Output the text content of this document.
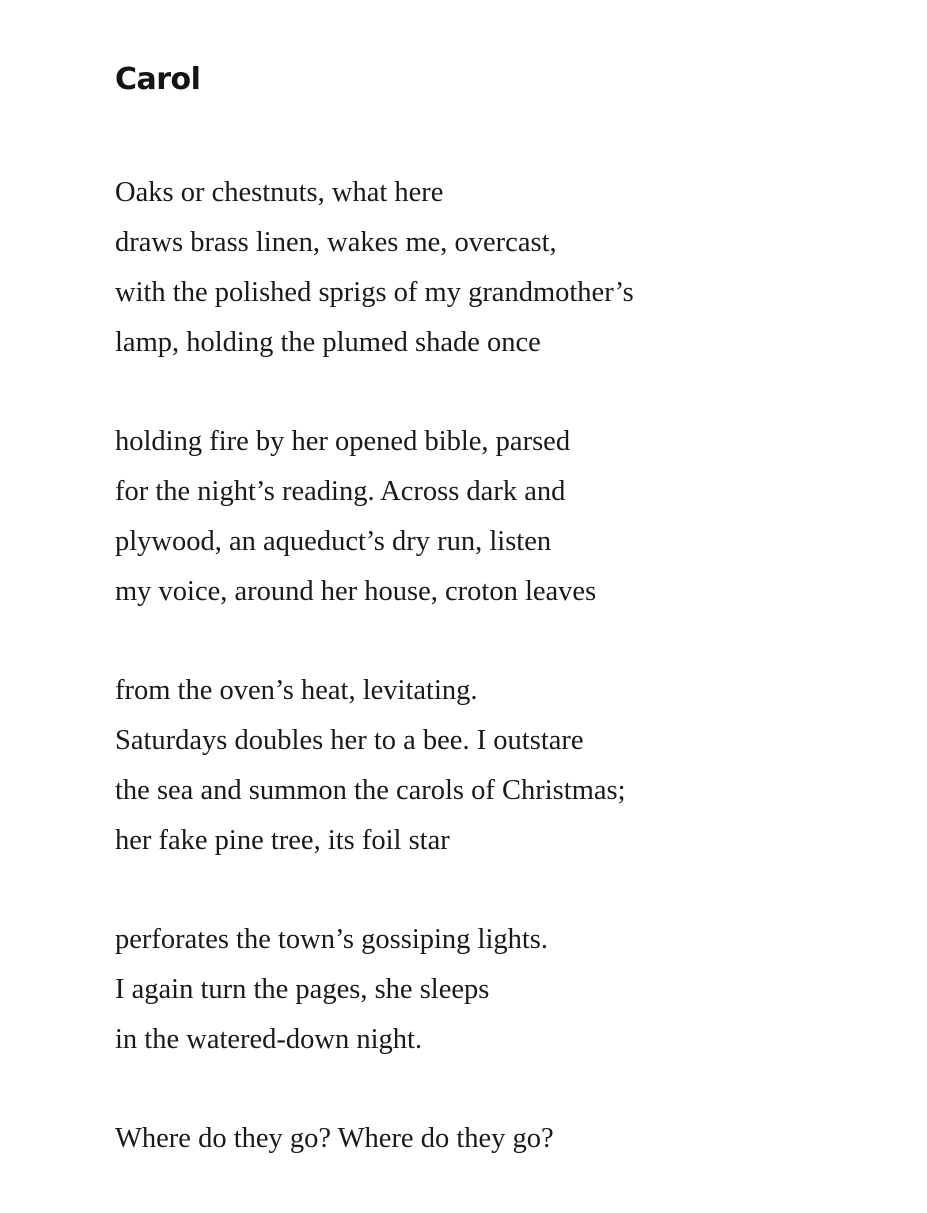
Carol
Oaks or chestnuts, what here
draws brass linen, wakes me, overcast,
with the polished sprigs of my grandmother’s
lamp, holding the plumed shade once
holding fire by her opened bible, parsed
for the night’s reading. Across dark and
plywood, an aqueduct’s dry run, listen
my voice, around her house, croton leaves
from the oven’s heat, levitating.
Saturdays doubles her to a bee. I outstare
the sea and summon the carols of Christmas;
her fake pine tree, its foil star
perforates the town’s gossiping lights.
I again turn the pages, she sleeps
in the watered-down night.
Where do they go? Where do they go?
